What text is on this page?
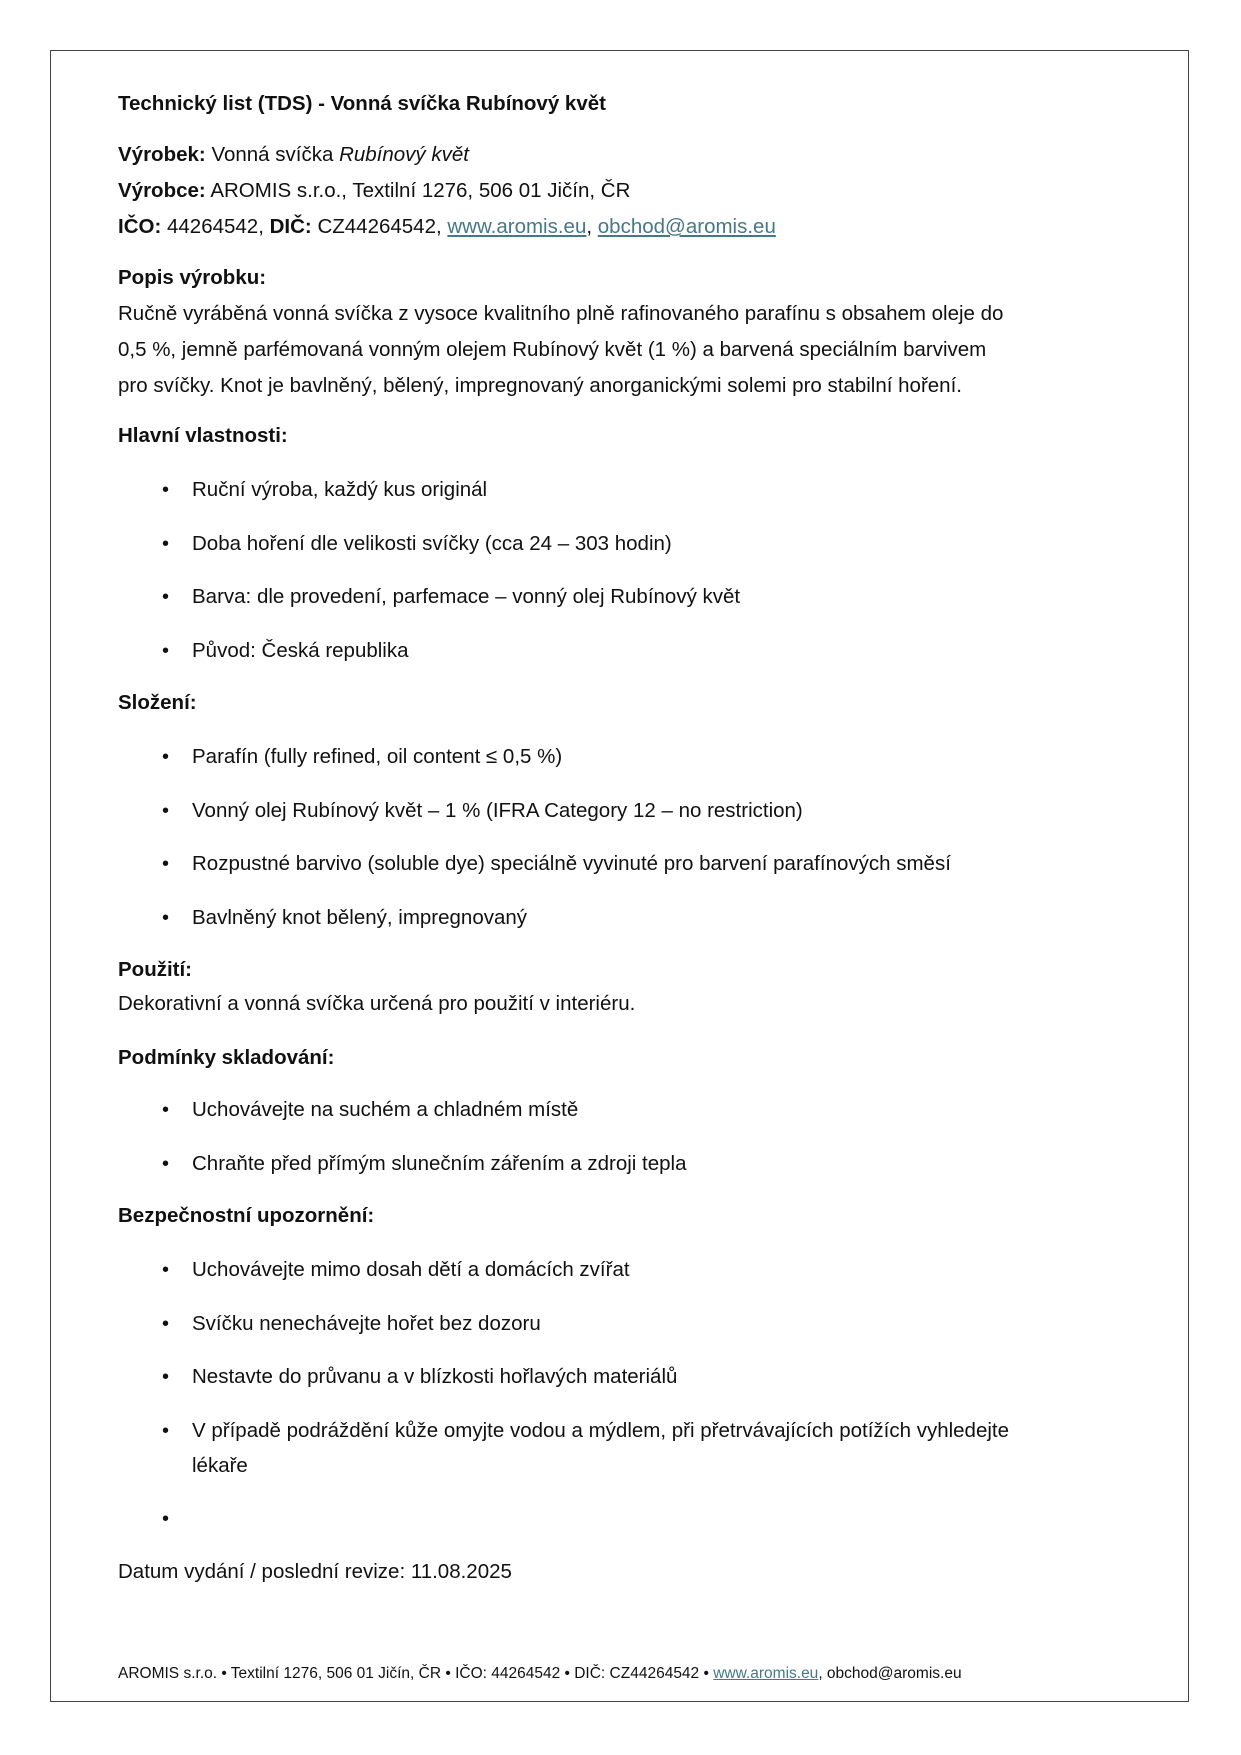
Technický list (TDS) - Vonná svíčka Rubínový květ
Výrobek: Vonná svíčka Rubínový květ
Výrobce: AROMIS s.r.o., Textilní 1276, 506 01 Jičín, ČR
IČO: 44264542, DIČ: CZ44264542, www.aromis.eu, obchod@aromis.eu
Popis výrobku:
Ručně vyráběná vonná svíčka z vysoce kvalitního plně rafinovaného parafínu s obsahem oleje do
0,5 %, jemně parfémovaná vonným olejem Rubínový květ (1 %) a barvená speciálním barvivem
pro svíčky. Knot je bavlněný, bělený, impregnovaný anorganickými solemi pro stabilní hoření.
Hlavní vlastnosti:
• Ruční výroba, každý kus originál
• Doba hoření dle velikosti svíčky (cca 24 – 303 hodin)
• Barva: dle provedení, parfemace – vonný olej Rubínový květ
• Původ: Česká republika
Složení:
• Parafín (fully refined, oil content ≤ 0,5 %)
• Vonný olej Rubínový květ – 1 % (IFRA Category 12 – no restriction)
• Rozpustné barvivo (soluble dye) speciálně vyvinuté pro barvení parafínových směsí
• Bavlněný knot bělený, impregnovaný
Použití:
Dekorativní a vonná svíčka určená pro použití v interiéru.
Podmínky skladování:
• Uchovávejte na suchém a chladném místě
• Chraňte před přímým slunečním zářením a zdroji tepla
Bezpečnostní upozornění:
• Uchovávejte mimo dosah dětí a domácích zvířat
• Svíčku nenechávejte hořet bez dozoru
• Nestavte do průvanu a v blízkosti hořlavých materiálů
• V případě podráždění kůže omyjte vodou a mýdlem, při přetrvávajících potížích vyhledejte
lékaře
•
Datum vydání / poslední revize: 11.08.2025
AROMIS s.r.o. • Textilní 1276, 506 01 Jičín, ČR • IČO: 44264542 • DIČ: CZ44264542 • www.aromis.eu, obchod@aromis.eu
